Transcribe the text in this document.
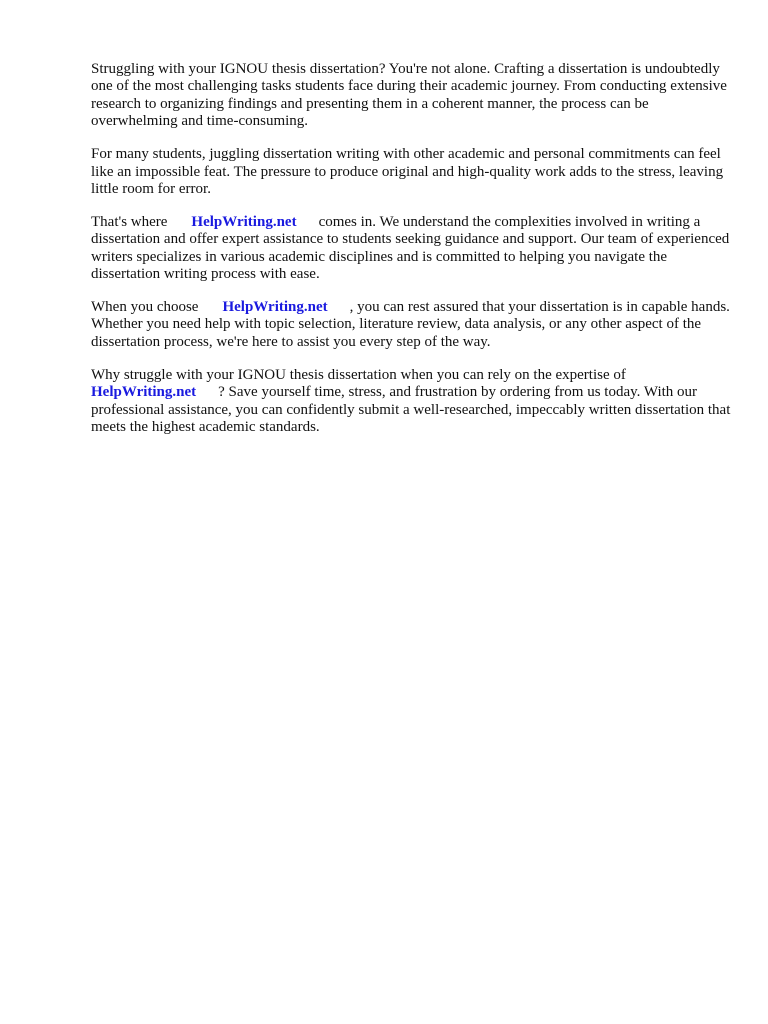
Struggling with your IGNOU thesis dissertation? You're not alone. Crafting a dissertation is undoubtedly one of the most challenging tasks students face during their academic journey. From conducting extensive research to organizing findings and presenting them in a coherent manner, the process can be overwhelming and time-consuming.

For many students, juggling dissertation writing with other academic and personal commitments can feel like an impossible feat. The pressure to produce original and high-quality work adds to the stress, leaving little room for error.

That's where HelpWriting.net comes in. We understand the complexities involved in writing a dissertation and offer expert assistance to students seeking guidance and support. Our team of experienced writers specializes in various academic disciplines and is committed to helping you navigate the dissertation writing process with ease.

When you choose HelpWriting.net , you can rest assured that your dissertation is in capable hands. Whether you need help with topic selection, literature review, data analysis, or any other aspect of the dissertation process, we're here to assist you every step of the way.

Why struggle with your IGNOU thesis dissertation when you can rely on the expertise of HelpWriting.net ? Save yourself time, stress, and frustration by ordering from us today. With our professional assistance, you can confidently submit a well-researched, impeccably written dissertation that meets the highest academic standards.
